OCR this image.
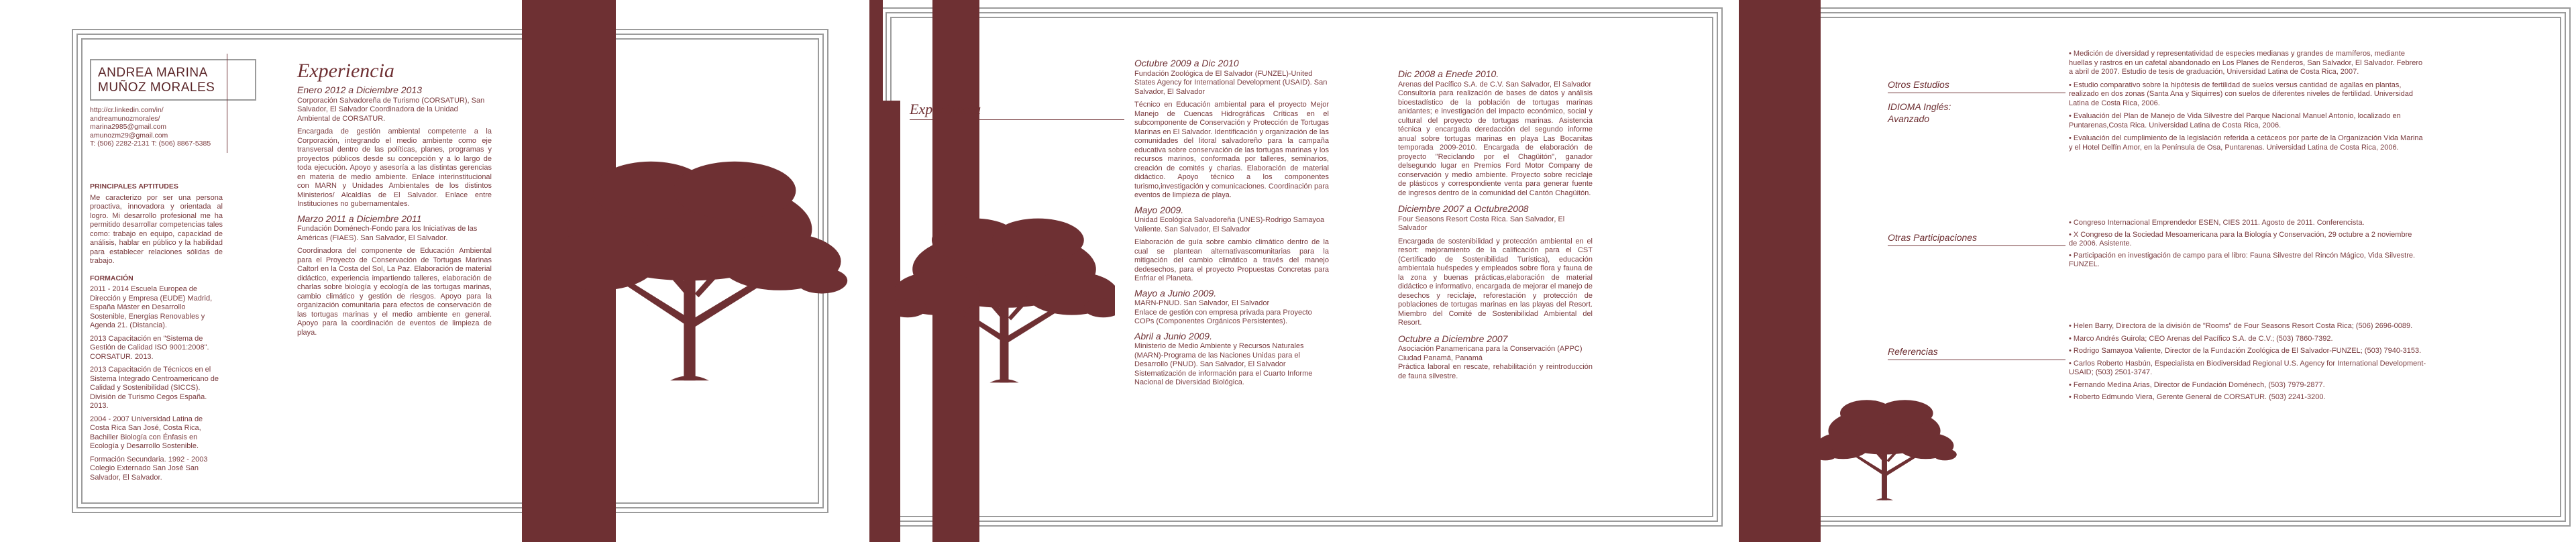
ANDREA MARINA
MUÑOZ MORALES
http://cr.linkedin.com/in/
andreamunozmorales/
marina2985@gmail.com
amunozm29@gmail.com
T: (506) 2282-2131 T: (506) 8867-5385
PRINCIPALES APTITUDES

Me caracterizo por ser una persona proactiva, innovadora y orientada al logro. Mi desarrollo profesional me ha permitido desarrollar competencias tales como: trabajo en equipo, capacidad de análisis, hablar en público y la habilidad para establecer relaciones sólidas de trabajo.

FORMACIÓN

2011 - 2014 Escuela Europea de Dirección y Empresa (EUDE) Madrid, España Máster en Desarrollo Sostenible, Energías Renovables y Agenda 21. (Distancia).

2013 Capacitación en "Sistema de Gestión de Calidad ISO 9001:2008". CORSATUR. 2013.

2013 Capacitación de Técnicos en el Sistema Integrado Centroamericano de Calidad y Sostenibilidad (SICCS). División de Turismo Cegos España. 2013.

2004 - 2007 Universidad Latina de Costa Rica San José, Costa Rica, Bachiller Biología con Énfasis en Ecología y Desarrollo Sostenible.

Formación Secundaria. 1992 - 2003 Colegio Externado San José San Salvador, El Salvador.

Experiencia
Enero 2012 a Diciembre 2013

Corporación Salvadoreña de Turismo (CORSATUR), San Salvador, El Salvador Coordinadora de la Unidad Ambiental de CORSATUR.

Encargada de gestión ambiental competente a la Corporación, integrando el medio ambiente como eje transversal dentro de las políticas, planes, programas y proyectos públicos desde su concepción y a lo largo de toda ejecución. Apoyo y asesoría a las distintas gerencias en materia de medio ambiente. Enlace interinstitucional con MARN y Unidades Ambientales de los distintos Ministerios/ Alcaldías de El Salvador. Enlace entre Instituciones no gubernamentales.

Marzo 2011 a Diciembre 2011

Fundación Doménech-Fondo para los Iniciativas de las Américas (FIAES). San Salvador, El Salvador.

Coordinadora del componente de Educación Ambiental para el Proyecto de Conservación de Tortugas Marinas Caltorl en la Costa del Sol, La Paz. Elaboración de material didáctico, experiencia impartiendo talleres, elaboración de charlas sobre biología y ecología de las tortugas marinas, cambio climático y gestión de riesgos. Apoyo para la organización comunitaria para efectos de conservación de las tortugas marinas y el medio ambiente en general. Apoyo para la coordinación de eventos de limpieza de playa.

Experiencia
Octubre 2009 a Dic 2010

Fundación Zoológica de El Salvador (FUNZEL)-United States Agency for International Development (USAID). San Salvador, El Salvador

Técnico en Educación ambiental para el proyecto Mejor Manejo de Cuencas Hidrográficas Críticas en el subcomponente de Conservación y Protección de Tortugas Marinas en El Salvador. Identificación y organización de las comunidades del litoral salvadoreño para la campaña educativa sobre conservación de las tortugas marinas y los recursos marinos, conformada por talleres, seminarios, creación de comités y charlas. Elaboración de material didáctico. Apoyo técnico a los componentes turismo,investigación y comunicaciones. Coordinación para eventos de limpieza de playa.

Mayo 2009.

Unidad Ecológica Salvadoreña (UNES)-Rodrigo Samayoa Valiente. San Salvador, El Salvador

Elaboración de guía sobre cambio climático dentro de la cual se plantean alternativascomunitarias para la mitigación del cambio climático a través del manejo dedesechos, para el proyecto Propuestas Concretas para Enfriar el Planeta.

Mayo a Junio 2009.

MARN-PNUD. San Salvador, El Salvador

Enlace de gestión con empresa privada para Proyecto COPs (Componentes Orgánicos Persistentes).

Abril a Junio 2009.

Ministerio de Medio Ambiente y Recursos Naturales (MARN)-Programa de las Naciones Unidas para el Desarrollo (PNUD). San Salvador, El Salvador

Sistematización de información para el Cuarto Informe Nacional de Diversidad Biológica.

Dic 2008 a Enede 2010.

Arenas del Pacífico S.A. de C.V. San Salvador, El Salvador

Consultoría para realización de bases de datos y análisis bioestadístico de la población de tortugas marinas anidantes; e investigación del impacto económico, social y cultural del proyecto de tortugas marinas. Asistencia técnica y encargada deredacción del segundo informe anual sobre tortugas marinas en playa Las Bocanitas temporada 2009-2010. Encargada de elaboración de proyecto "Reciclando por el Chagüitón", ganador delsegundo lugar en Premios Ford Motor Company de conservación y medio ambiente. Proyecto sobre reciclaje de plásticos y correspondiente venta para generar fuente de ingresos dentro de la comunidad del Cantón Chagüitón.

Diciembre 2007 a Octubre2008

Four Seasons Resort Costa Rica. San Salvador, El Salvador

Encargada de sostenibilidad y protección ambiental en el resort: mejoramiento de la calificación para el CST (Certificado de Sostenibilidad Turística), educación ambientala huéspedes y empleados sobre flora y fauna de la zona y buenas prácticas,elaboración de material didáctico e informativo, encargada de mejorar el manejo de desechos y reciclaje, reforestación y protección de poblaciones de tortugas marinas en las playas del Resort. Miembro del Comité de Sostenibilidad Ambiental del Resort.

Octubre a Diciembre 2007

Asociación Panamericana para la Conservación (APPC) Ciudad Panamá, Panamá

Práctica laboral en rescate, rehabilitación y reintroducción de fauna silvestre.

Otros Estudios
IDIOMA Inglés:
Avanzado

• Medición de diversidad y representatividad de especies medianas y grandes de mamíferos, mediante huellas y rastros en un cafetal abandonado en Los Planes de Renderos, San Salvador, El Salvador. Febrero a abril de 2007. Estudio de tesis de graduación, Universidad Latina de Costa Rica, 2007.

• Estudio comparativo sobre la hipótesis de fertilidad de suelos versus cantidad de agallas en plantas, realizado en dos zonas (Santa Ana y Siquirres) con suelos de diferentes niveles de fertilidad. Universidad Latina de Costa Rica, 2006.

• Evaluación del Plan de Manejo de Vida Silvestre del Parque Nacional Manuel Antonio, localizado en Puntarenas,Costa Rica. Universidad Latina de Costa Rica, 2006.

• Evaluación del cumplimiento de la legislación referida a cetáceos por parte de la Organización Vida Marina y el Hotel Delfín Amor, en la Península de Osa, Puntarenas. Universidad Latina de Costa Rica, 2006.

Otras Participaciones

• Congreso Internacional Emprendedor ESEN, CIES 2011. Agosto de 2011. Conferencista.

• X Congreso de la Sociedad Mesoamericana para la Biología y Conservación, 29 octubre a 2 noviembre de 2006. Asistente.

• Participación en investigación de campo para el libro: Fauna Silvestre del Rincón Mágico, Vida Silvestre. FUNZEL.

Referencias

• Helen Barry, Directora de la división de "Rooms" de Four Seasons Resort Costa Rica; (506) 2696-0089.

• Marco Andrés Guirola; CEO Arenas del Pacífico S.A. de C.V.; (503) 7860-7392.

• Rodrigo Samayoa Valiente, Director de la Fundación Zoológica de El Salvador-FUNZEL; (503) 7940-3153.

• Carlos Roberto Hasbún, Especialista en Biodiversidad Regional U.S. Agency for International Development-USAID; (503) 2501-3747.

• Fernando Medina Arias, Director de Fundación Doménech, (503) 7979-2877.

• Roberto Edmundo Viera, Gerente General de CORSATUR. (503) 2241-3200.
